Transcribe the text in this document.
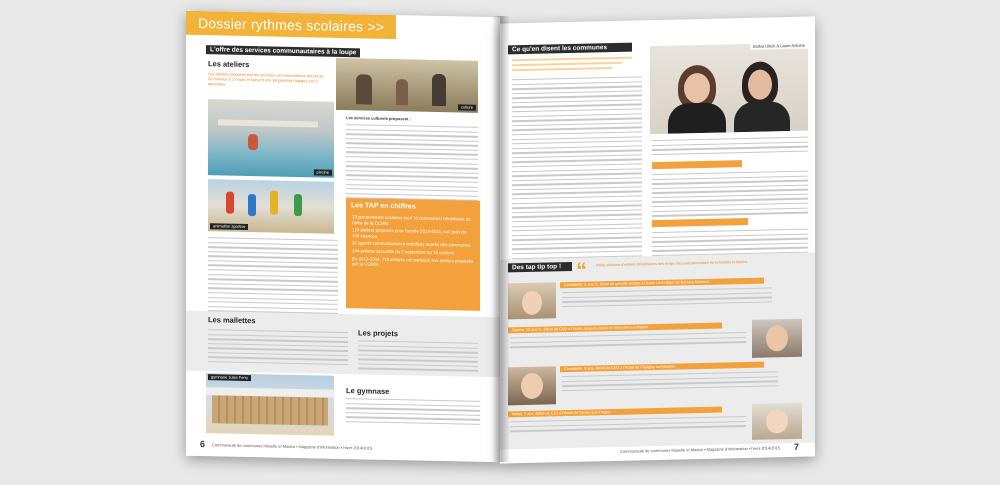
Dossier rythmes scolaires >>
L'offre des services communautaires à la loupe
Les ateliers
Les ateliers proposés par les services communautaires durent de 30 minutes à 1 heure et suivent une progression logique sur 6 semaines.
culture
piscine
animation sportive
Les services culturels proposent :
Les TAP en chiffres
13 groupements scolaires (soit 16 communes) bénéficient de l'offre de la CCMM.
119 ateliers proposés pour l'année 2014-2015, soit près de 700 séances.
32 agents communautaires mobilisés auprès des communes.
244 enfants accueillis du 2 septembre au 16 octobre.
En 2013-2014, 718 enfants ont participé aux ateliers proposés par la CCMM.
Les mallettes
Les projets
gymnase Jules Ferry
Le gymnase
6 Communauté de communes Moselle et Madon • Magazine d'information • hiver 2014/2015
Ce qu'en disent les communes	Kathia Ulrich & Laure Antoine
Des tap tip top ! “	Petite sélection d'enfants bénéficiaires des temps d'accueil périscolaire de la Moselle et Madon.
Constantin, 5 ans ½, élève de grande section à l'école Léon Blum de Neuves-Maisons
Solenn, 10 ans ½, élève de CM2 à l'école Jacques-Callot de Bainville-sur-Madon
Constantin, 8 ans, élève de CM2 à l'école de Flavigny-sur-Moselle
Nolan, 7 ans, élève de CE1 à l'école de Sexey-aux-Forges
Communauté de communes Moselle et Madon • Magazine d'information • hiver 2014/2015 7
